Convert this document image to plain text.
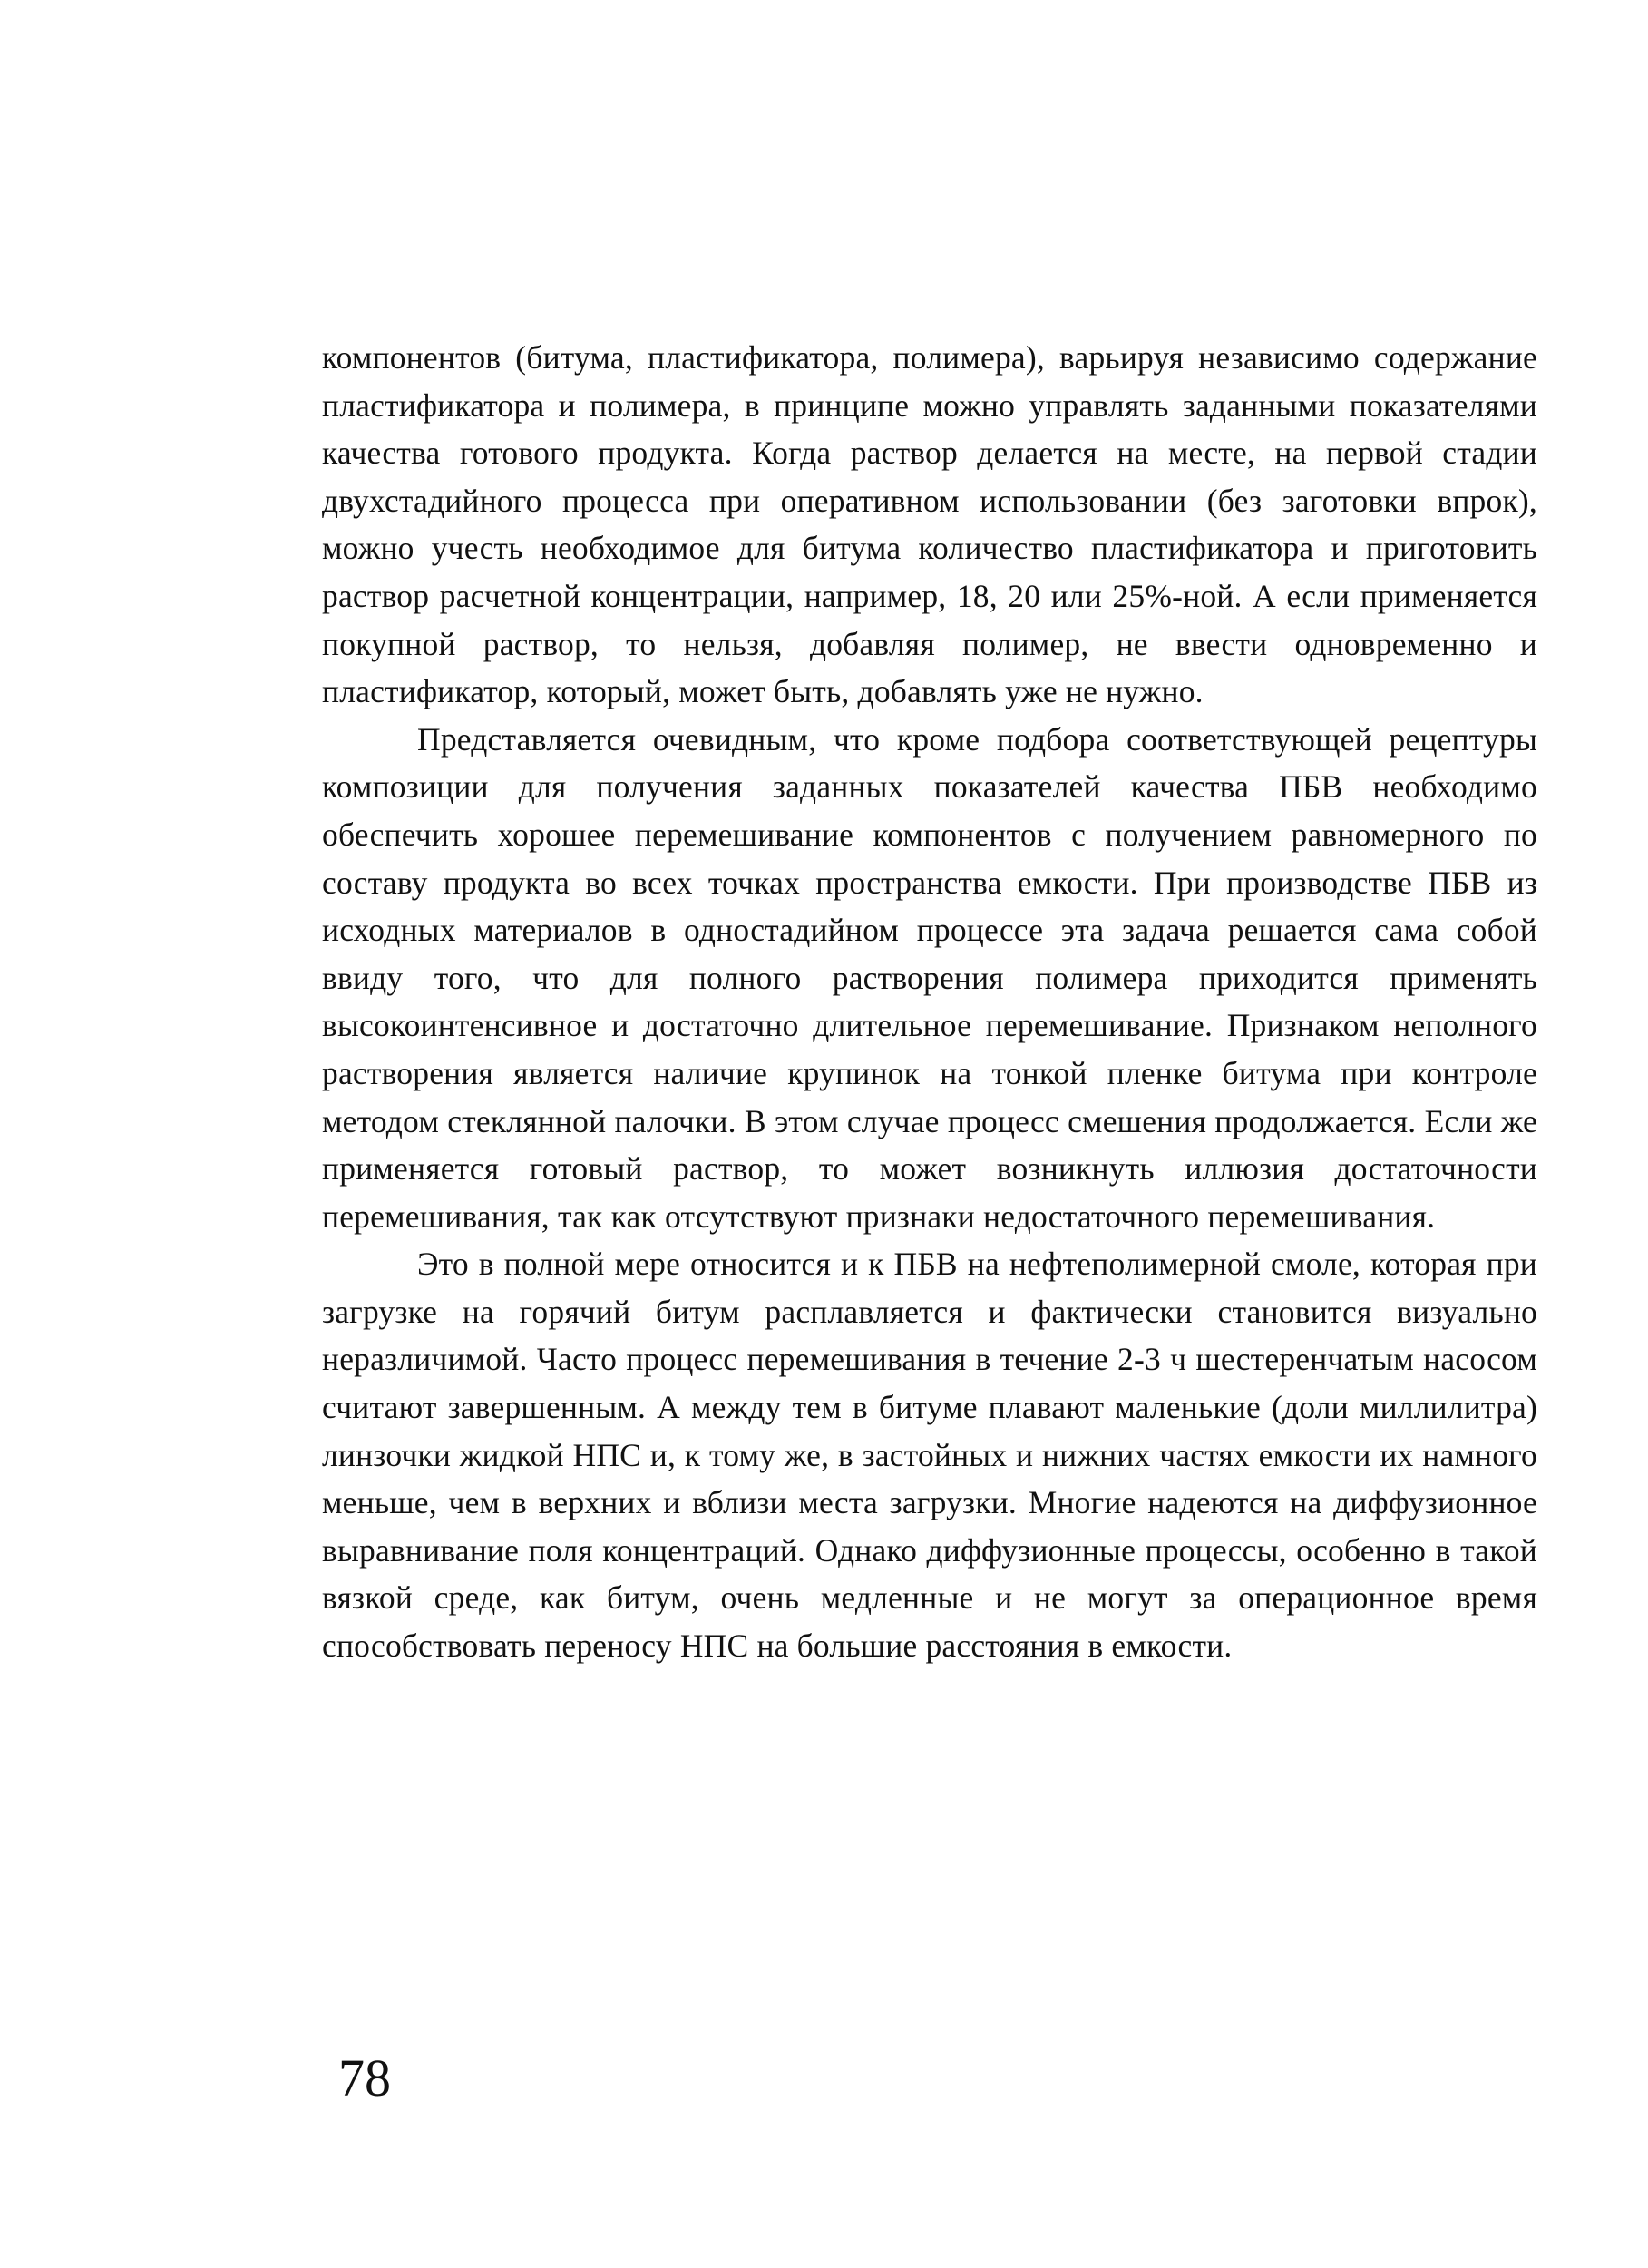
компонентов (битума, пластификатора, полимера), варьируя независимо содержание пластификатора и полимера, в принципе можно управлять заданными показателями качества готового продукта. Когда раствор делается на месте, на первой стадии двухстадийного процесса при оперативном использовании (без заготовки впрок), можно учесть необходимое для битума количество пластификатора и приготовить раствор расчетной концентрации, например, 18, 20 или 25%-ной. А если применяется покупной раствор, то нельзя, добавляя полимер, не ввести одновременно и пластификатор, который, может быть, добавлять уже не нужно.

Представляется очевидным, что кроме подбора соответствующей рецептуры композиции для получения заданных показателей качества ПБВ необходимо обеспечить хорошее перемешивание компонентов с получением равномерного по составу продукта во всех точках пространства емкости. При производстве ПБВ из исходных материалов в одностадийном процессе эта задача решается сама собой ввиду того, что для полного растворения полимера приходится применять высокоинтенсивное и достаточно длительное перемешивание. Признаком неполного растворения является наличие крупинок на тонкой пленке битума при контроле методом стеклянной палочки. В этом случае процесс смешения продолжается. Если же применяется готовый раствор, то может возникнуть иллюзия достаточности перемешивания, так как отсутствуют признаки недостаточного перемешивания.

Это в полной мере относится и к ПБВ на нефтеполимерной смоле, которая при загрузке на горячий битум расплавляется и фактически становится визуально неразличимой. Часто процесс перемешивания в течение 2-3 ч шестеренчатым насосом считают завершенным. А между тем в битуме плавают маленькие (доли миллилитра) линзочки жидкой НПС и, к тому же, в застойных и нижних частях емкости их намного меньше, чем в верхних и вблизи места загрузки. Многие надеются на диффузионное выравнивание поля концентраций. Однако диффузионные процессы, особенно в такой вязкой среде, как битум, очень медленные и не могут за операционное время способствовать переносу НПС на большие расстояния в емкости.

78
